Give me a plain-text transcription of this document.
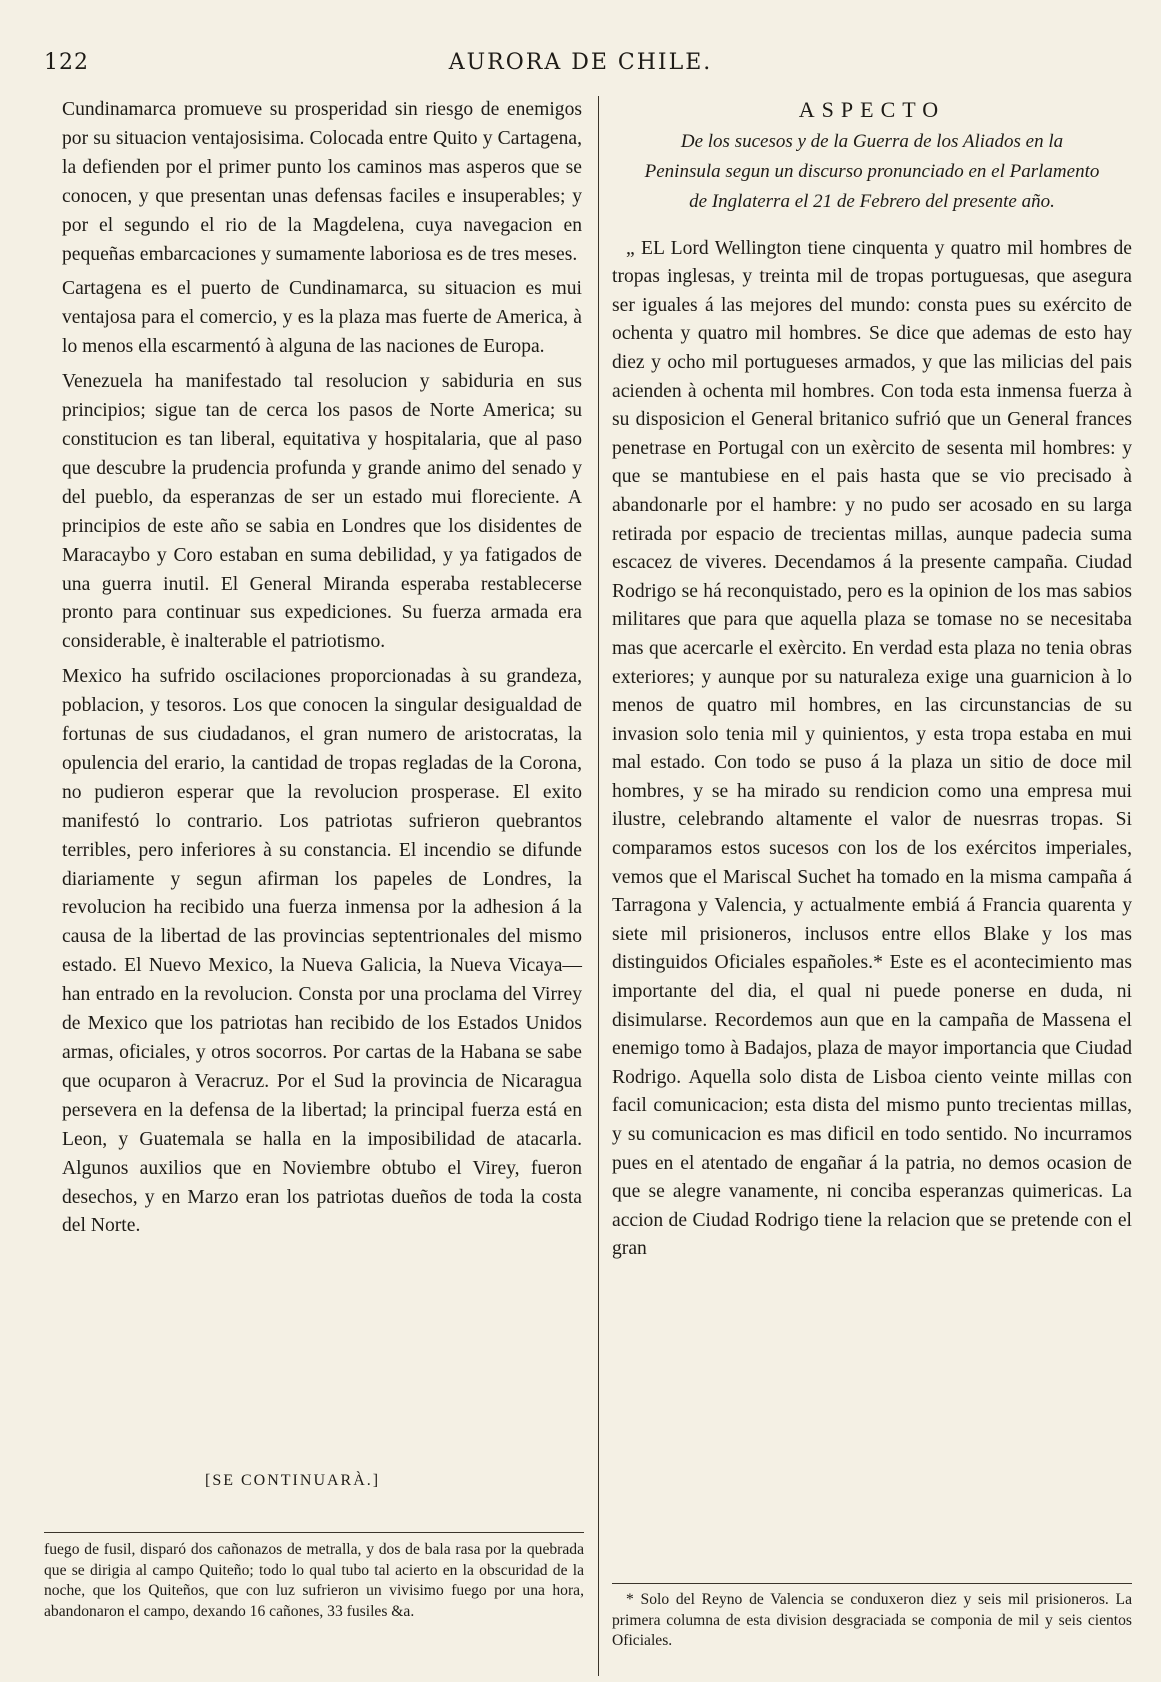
122	AURORA DE CHILE.

Cundinamarca promueve su prosperidad sin riesgo de enemigos por su situacion ventajosisima. Colocada entre Quito y Cartagena, la defienden por el primer punto los caminos mas asperos que se conocen, y que presentan unas defensas faciles e insuperables; y por el segundo el rio de la Magdelena, cuya navegacion en pequeñas embarcaciones y sumamente laboriosa es de tres meses.

Cartagena es el puerto de Cundinamarca, su situacion es mui ventajosa para el comercio, y es la plaza mas fuerte de America, à lo menos ella escarmentó à alguna de las naciones de Europa.

Venezuela ha manifestado tal resolucion y sabiduria en sus principios; sigue tan de cerca los pasos de Norte America; su constitucion es tan liberal, equitativa y hospitalaria, que al paso que descubre la prudencia profunda y grande animo del senado y del pueblo, da esperanzas de ser un estado mui floreciente. A principios de este año se sabia en Londres que los disidentes de Maracaybo y Coro estaban en suma debilidad, y ya fatigados de una guerra inutil. El General Miranda esperaba restablecerse pronto para continuar sus expediciones. Su fuerza armada era considerable, è inalterable el patriotismo.

Mexico ha sufrido oscilaciones proporcionadas à su grandeza, poblacion, y tesoros. Los que conocen la singular desigualdad de fortunas de sus ciudadanos, el gran numero de aristocratas, la opulencia del erario, la cantidad de tropas regladas de la Corona, no pudieron esperar que la revolucion prosperase. El exito manifestó lo contrario. Los patriotas sufrieron quebrantos terribles, pero inferiores à su constancia. El incendio se difunde diariamente y segun afirman los papeles de Londres, la revolucion ha recibido una fuerza inmensa por la adhesion á la causa de la libertad de las provincias septentrionales del mismo estado. El Nuevo Mexico, la Nueva Galicia, la Nueva Vicaya—han entrado en la revolucion. Consta por una proclama del Virrey de Mexico que los patriotas han recibido de los Estados Unidos armas, oficiales, y otros socorros. Por cartas de la Habana se sabe que ocuparon à Veracruz. Por el Sud la provincia de Nicaragua persevera en la defensa de la libertad; la principal fuerza está en Leon, y Guatemala se halla en la imposibilidad de atacarla. Algunos auxilios que en Noviembre obtubo el Virey, fueron desechos, y en Marzo eran los patriotas dueños de toda la costa del Norte.

[SE CONTINUARÀ.]
ASPECTO
De los sucesos y de la Guerra de los Aliados en la Peninsula segun un discurso pronunciado en el Parlamento de Inglaterra el 21 de Febrero del presente año.

„ EL Lord Wellington tiene cinquenta y quatro mil hombres de tropas inglesas, y treinta mil de tropas portuguesas, que asegura ser iguales á las mejores del mundo: consta pues su exército de ochenta y quatro mil hombres. Se dice que ademas de esto hay diez y ocho mil portugueses armados, y que las milicias del pais acienden à ochenta mil hombres. Con toda esta inmensa fuerza à su disposicion el General britanico sufrió que un General frances penetrase en Portugal con un exèrcito de sesenta mil hombres: y que se mantubiese en el pais hasta que se vio precisado à abandonarle por el hambre: y no pudo ser acosado en su larga retirada por espacio de trecientas millas, aunque padecia suma escacez de viveres. Decendamos á la presente campaña. Ciudad Rodrigo se há reconquistado, pero es la opinion de los mas sabios militares que para que aquella plaza se tomase no se necesitaba mas que acercarle el exèrcito. En verdad esta plaza no tenia obras exteriores; y aunque por su naturaleza exige una guarnicion à lo menos de quatro mil hombres, en las circunstancias de su invasion solo tenia mil y quinientos, y esta tropa estaba en mui mal estado. Con todo se puso á la plaza un sitio de doce mil hombres, y se ha mirado su rendicion como una empresa mui ilustre, celebrando altamente el valor de nuesrras tropas. Si comparamos estos sucesos con los de los exércitos imperiales, vemos que el Mariscal Suchet ha tomado en la misma campaña á Tarragona y Valencia, y actualmente embiá á Francia quarenta y siete mil prisioneros, inclusos entre ellos Blake y los mas distinguidos Oficiales españoles.* Este es el acontecimiento mas importante del dia, el qual ni puede ponerse en duda, ni disimularse. Recordemos aun que en la campaña de Massena el enemigo tomo à Badajos, plaza de mayor importancia que Ciudad Rodrigo. Aquella solo dista de Lisboa ciento veinte millas con facil comunicacion; esta dista del mismo punto trecientas millas, y su comunicacion es mas dificil en todo sentido. No incurramos pues en el atentado de engañar á la patria, no demos ocasion de que se alegre vanamente, ni conciba esperanzas quimericas. La accion de Ciudad Rodrigo tiene la relacion que se pretende con el gran

fuego de fusil, disparó dos cañonazos de metralla, y dos de bala rasa por la quebrada que se dirigia al campo Quiteño; todo lo qual tubo tal acierto en la obscuridad de la noche, que los Quiteños, que con luz sufrieron un vivisimo fuego por una hora, abandonaron el campo, dexando 16 cañones, 33 fusiles &a.
* Solo del Reyno de Valencia se conduxeron diez y seis mil prisioneros. La primera columna de esta division desgraciada se componia de mil y seis cientos Oficiales.
